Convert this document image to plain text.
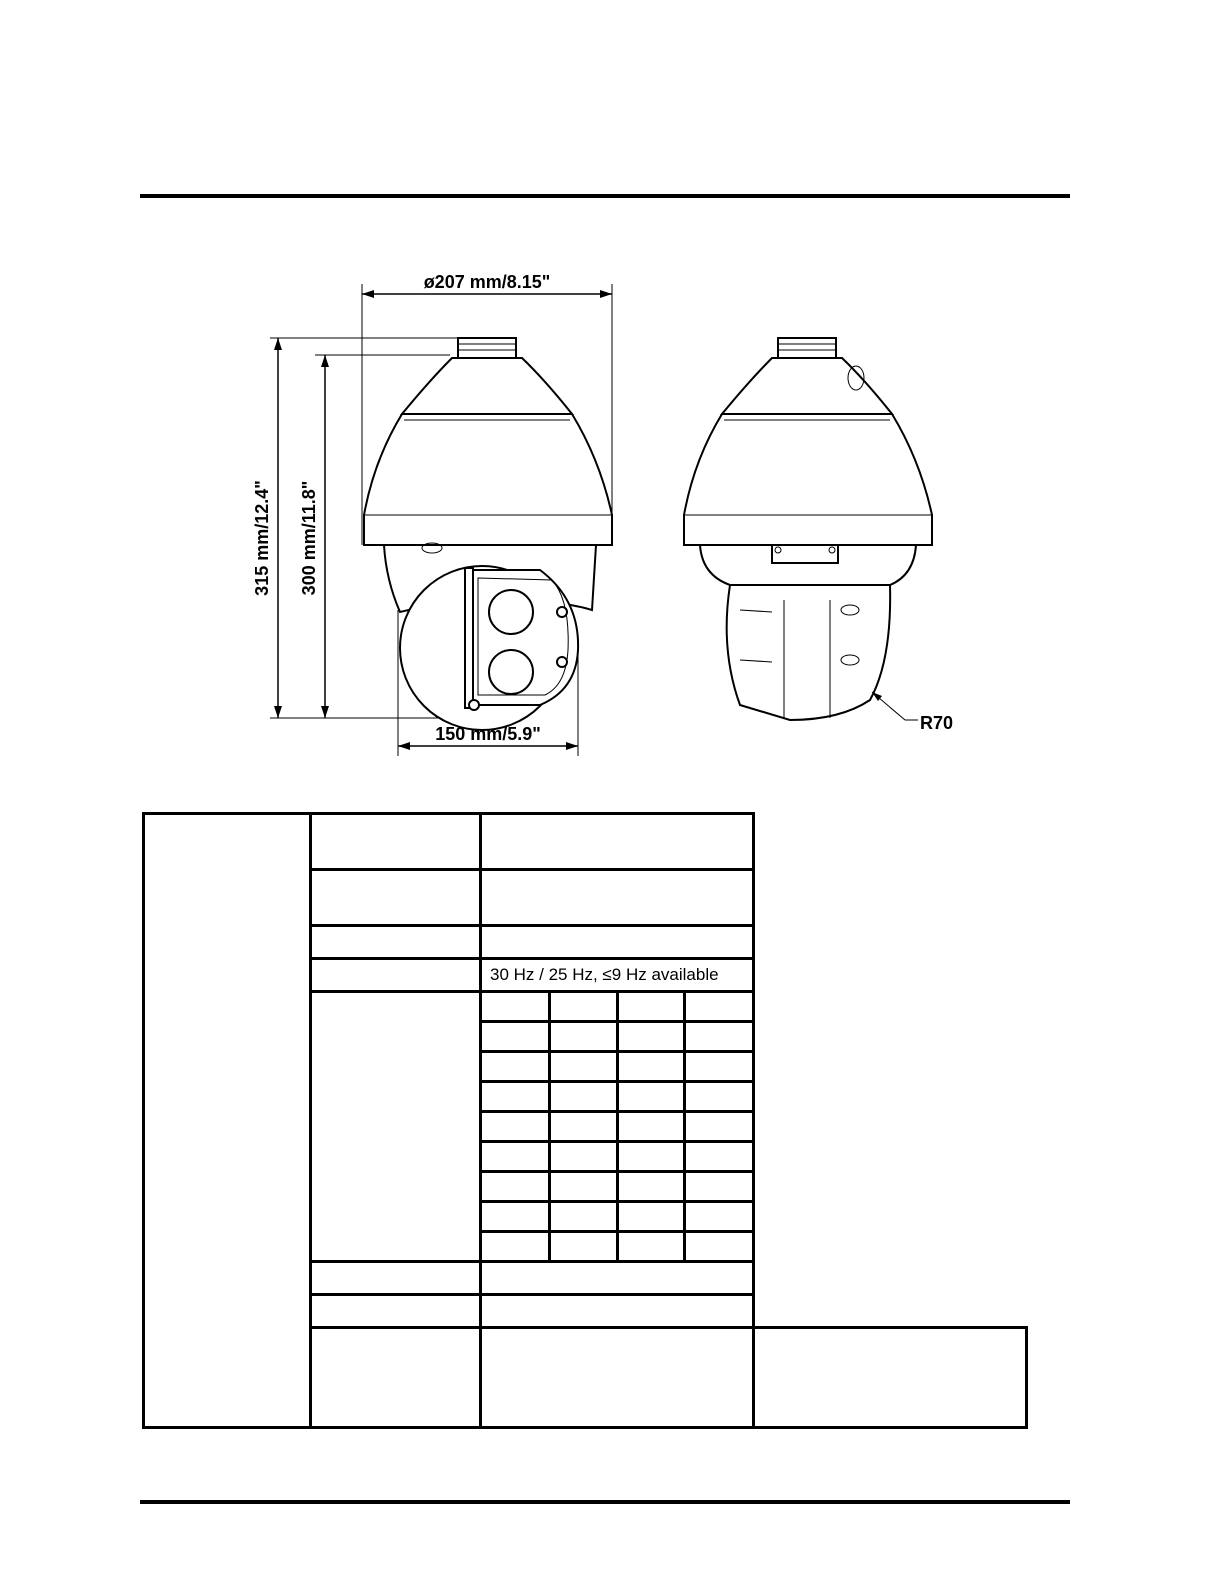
ø207 mm/8.15"
315 mm/12.4" 300 mm/11.8"
150 mm/5.9"
R70

	30 Hz / 25 Hz, ≤9 Hz available
